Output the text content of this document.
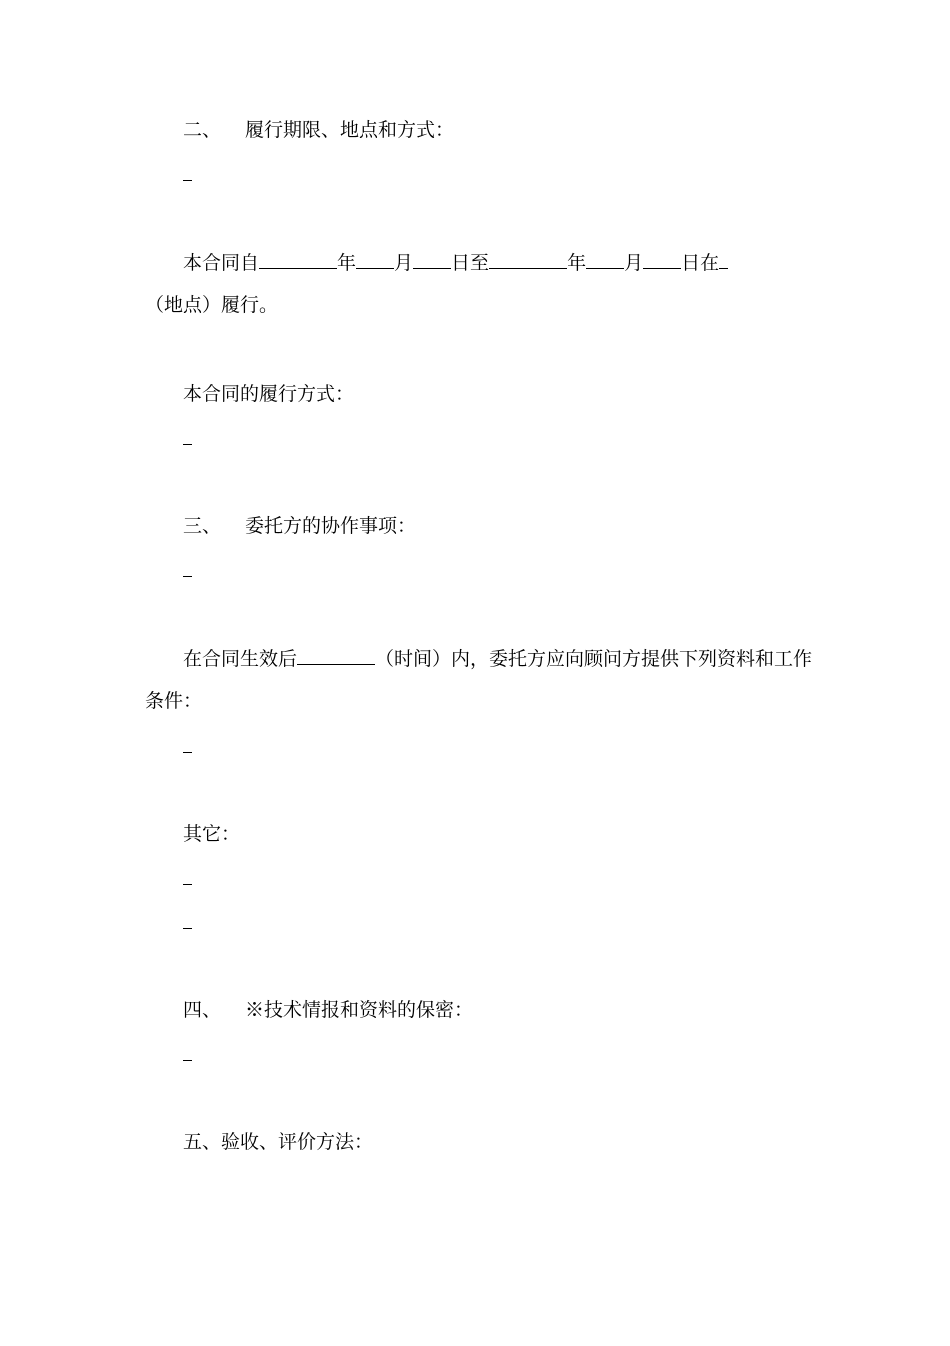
二、 履行期限、地点和方式：
本合同自	年 月 日至	年 月 日在
（地点）履行。
本合同的履行方式：
三、 委托方的协作事项：
在合同生效后	（时间）内，委托方应向顾问方提供下列资料和工作
条件：
其它：
四、 ※技术情报和资料的保密：
五、验收、评价方法：
